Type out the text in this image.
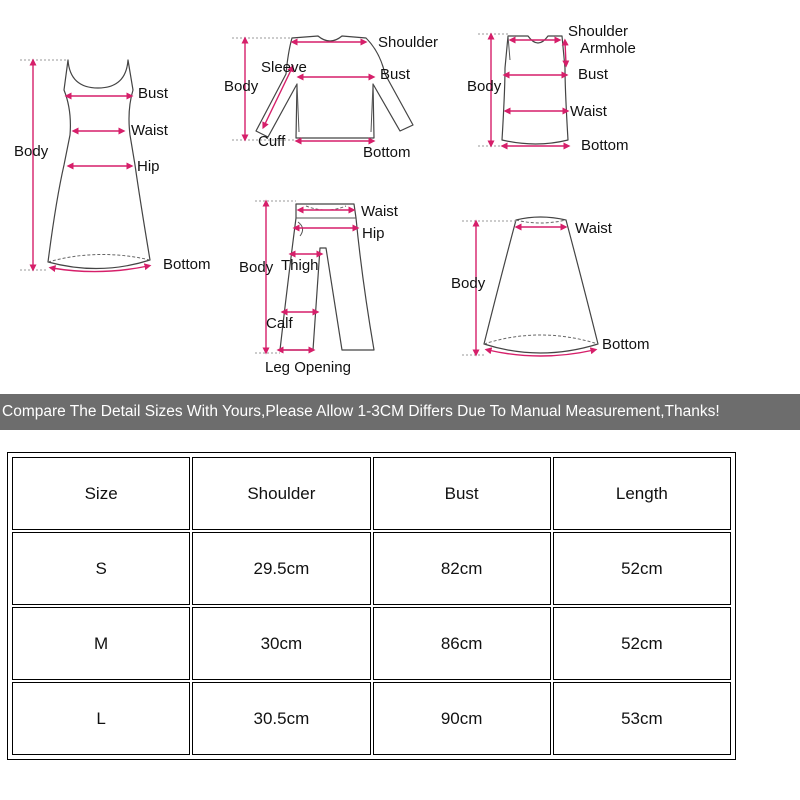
Body
Bust
Waist
Hip
Bottom
Shoulder
Sleeve
Body
Bust
Cuff
Bottom
Shoulder
Armhole
Body
Bust
Waist
Bottom
Waist
Hip
Body Thigh
Calf
Leg Opening
Waist
Body
Bottom
Compare The Detail Sizes With Yours,Please Allow 1-3CM Differs Due To Manual Measurement,Thanks!
Size	Shoulder	Bust	Length
S	29.5cm	82cm	52cm
M	30cm	86cm	52cm
L	30.5cm	90cm	53cm
